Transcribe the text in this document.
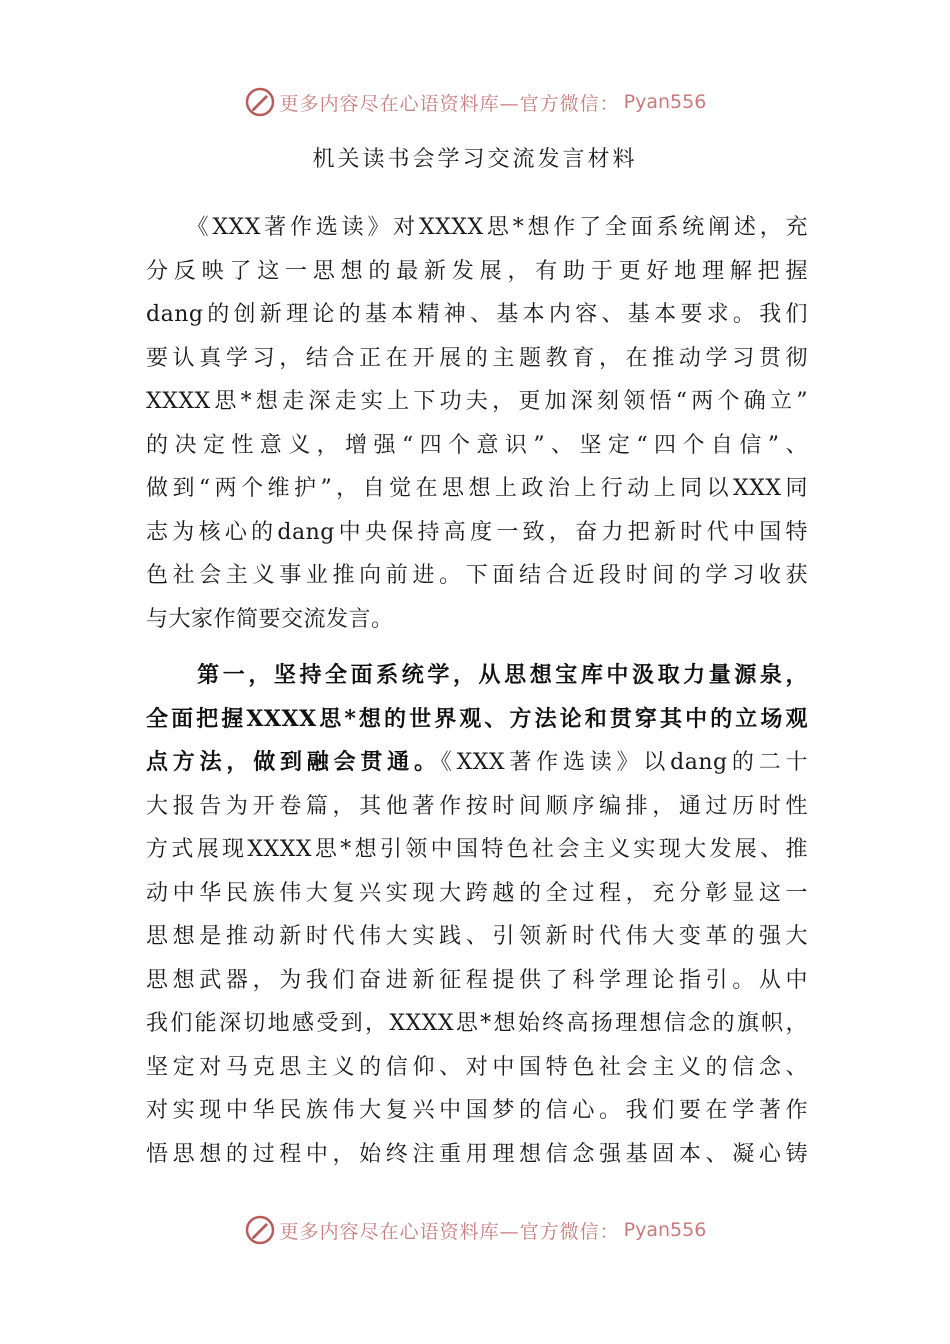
更多内容尽在心语资料库—官方微信： Pyan556
机关读书会学习交流发言材料
　　《XXX著作选读》对XXXX思*想作了全面系统阐述，充
分反映了这一思想的最新发展，有助于更好地理解把握
dang的创新理论的基本精神、基本内容、基本要求。我们
要认真学习，结合正在开展的主题教育，在推动学习贯彻
XXXX思*想走深走实上下功夫，更加深刻领悟“两个确立”
的决定性意义，增强“四个意识”、坚定“四个自信”、
做到“两个维护”，自觉在思想上政治上行动上同以XXX同
志为核心的dang中央保持高度一致，奋力把新时代中国特
色社会主义事业推向前进。下面结合近段时间的学习收获
与大家作简要交流发言。
　　第一，坚持全面系统学，从思想宝库中汲取力量源泉，
全面把握XXXX思*想的世界观、方法论和贯穿其中的立场观
点方法，做到融会贯通。《XXX著作选读》以dang的二十
大报告为开卷篇，其他著作按时间顺序编排，通过历时性
方式展现XXXX思*想引领中国特色社会主义实现大发展、推
动中华民族伟大复兴实现大跨越的全过程，充分彰显这一
思想是推动新时代伟大实践、引领新时代伟大变革的强大
思想武器，为我们奋进新征程提供了科学理论指引。从中
我们能深切地感受到，XXXX思*想始终高扬理想信念的旗帜，
坚定对马克思主义的信仰、对中国特色社会主义的信念、
对实现中华民族伟大复兴中国梦的信心。我们要在学著作
悟思想的过程中，始终注重用理想信念强基固本、凝心铸
更多内容尽在心语资料库—官方微信： Pyan556
